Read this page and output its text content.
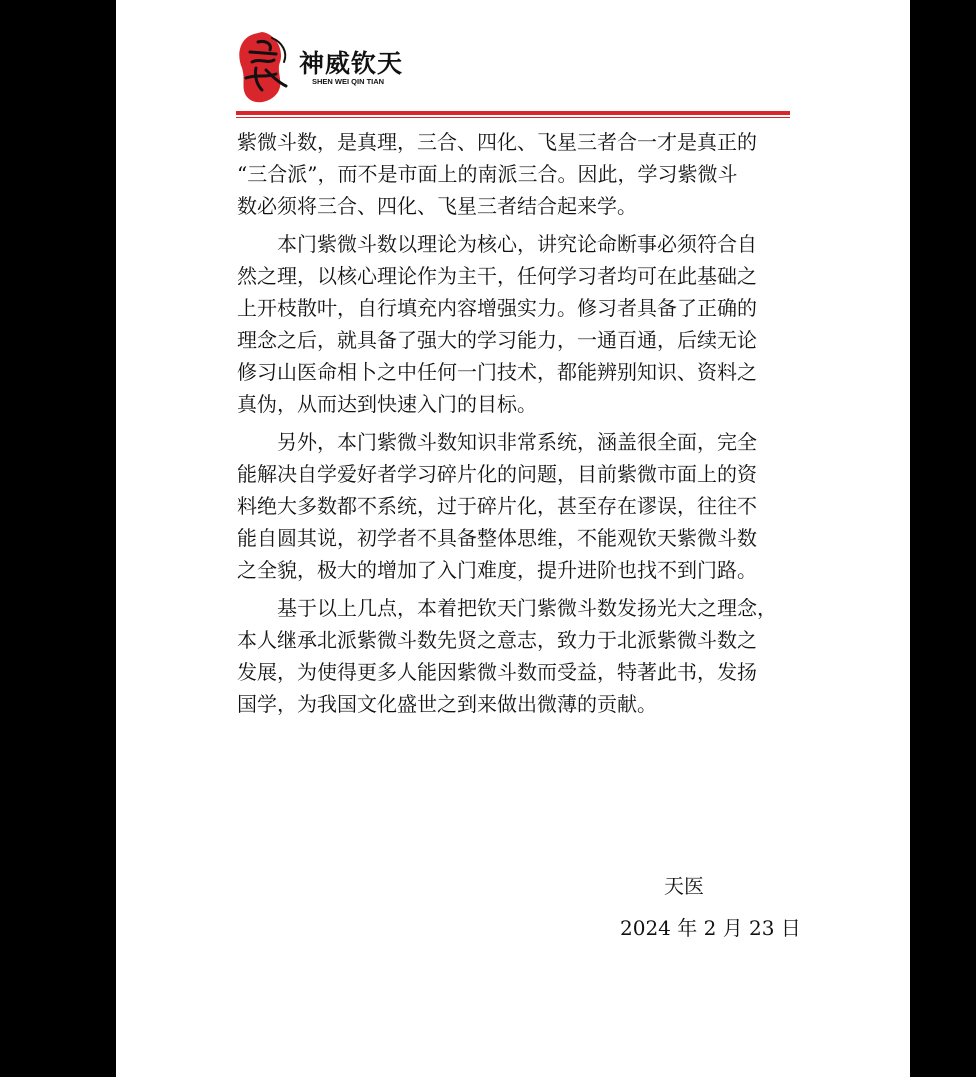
神威钦天
SHEN WEI QIN TIAN
紫微斗数，是真理，三合、四化、飞星三者合一才是真正的
“三合派”，而不是市面上的南派三合。因此，学习紫微斗
数必须将三合、四化、飞星三者结合起来学。
本门紫微斗数以理论为核心，讲究论命断事必须符合自
然之理，以核心理论作为主干，任何学习者均可在此基础之
上开枝散叶，自行填充内容增强实力。修习者具备了正确的
理念之后，就具备了强大的学习能力，一通百通，后续无论
修习山医命相卜之中任何一门技术，都能辨别知识、资料之
真伪，从而达到快速入门的目标。
另外，本门紫微斗数知识非常系统，涵盖很全面，完全
能解决自学爱好者学习碎片化的问题，目前紫微市面上的资
料绝大多数都不系统，过于碎片化，甚至存在谬误，往往不
能自圆其说，初学者不具备整体思维，不能观钦天紫微斗数
之全貌，极大的增加了入门难度，提升进阶也找不到门路。
基于以上几点，本着把钦天门紫微斗数发扬光大之理念，
本人继承北派紫微斗数先贤之意志，致力于北派紫微斗数之
发展，为使得更多人能因紫微斗数而受益，特著此书，发扬
国学，为我国文化盛世之到来做出微薄的贡献。
天医
2024 年 2 月 23 日
